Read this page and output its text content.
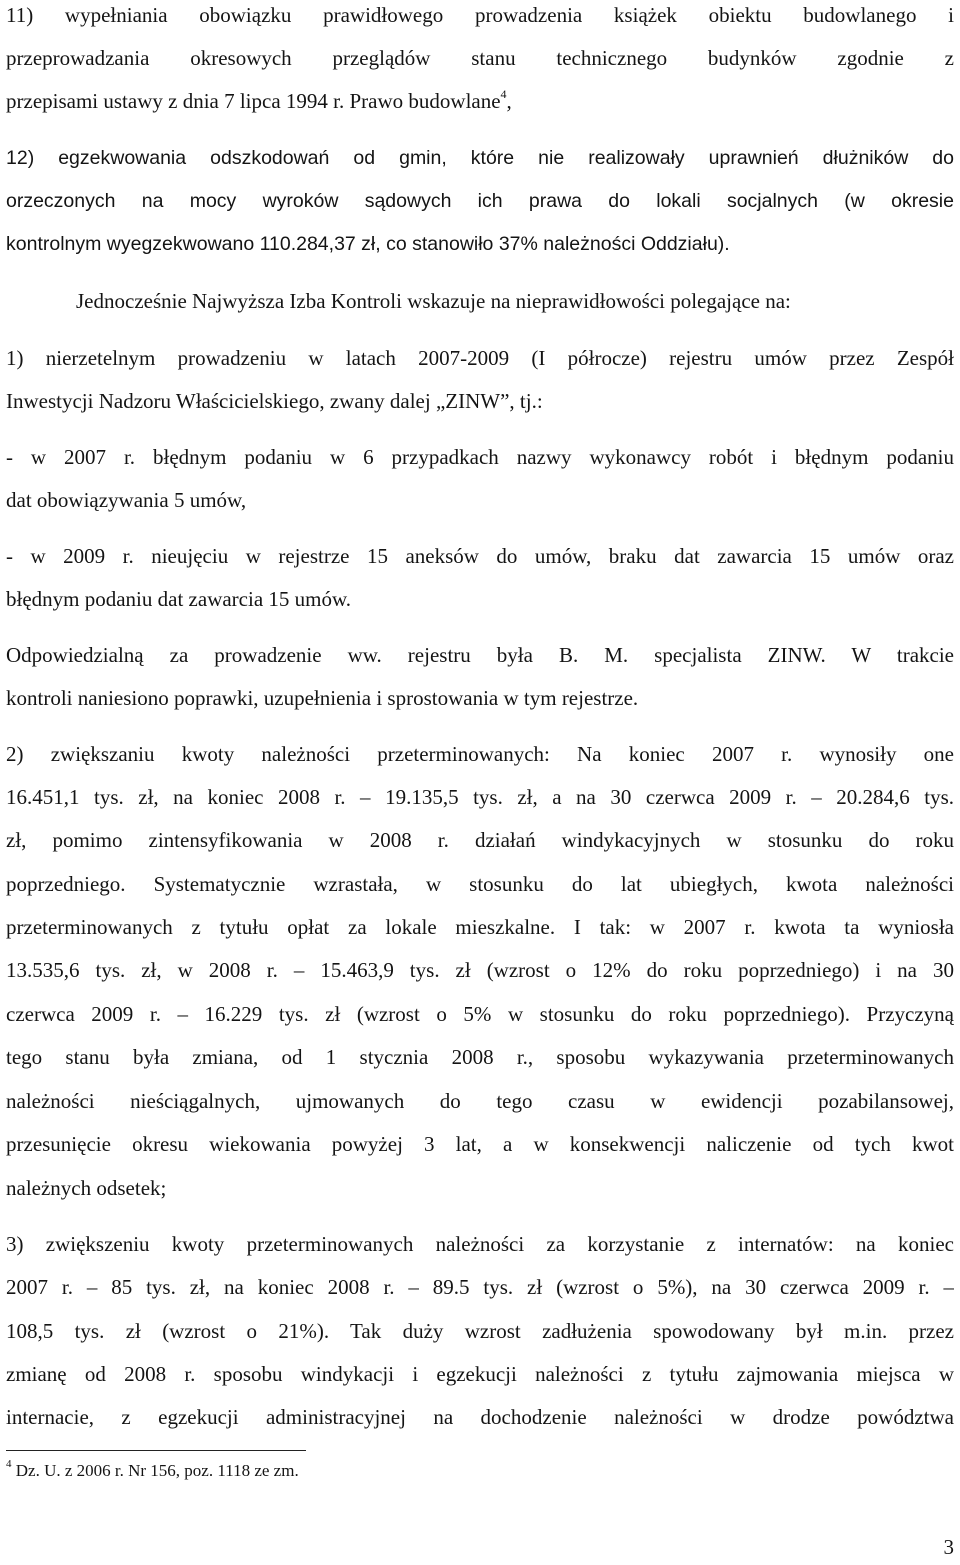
11) wypełniania obowiązku prawidłowego prowadzenia książek obiektu budowlanego i
przeprowadzania okresowych przeglądów stanu technicznego budynków zgodnie z
przepisami ustawy z dnia 7 lipca 1994 r. Prawo budowlane$^4$,
12) egzekwowania odszkodowań od gmin, które nie realizowały uprawnień dłużników do
orzeczonych na mocy wyroków sądowych ich prawa do lokali socjalnych (w okresie
kontrolnym wyegzekwowano 110.284,37 zł, co stanowiło 37% należności Oddziału).
Jednocześnie Najwyższa Izba Kontroli wskazuje na nieprawidłowości polegające na:
1) nierzetelnym prowadzeniu w latach 2007-2009 (I półrocze) rejestru umów przez Zespół
Inwestycji Nadzoru Właścicielskiego, zwany dalej „ZINW”, tj.:
- w 2007 r. błędnym podaniu w 6 przypadkach nazwy wykonawcy robót i błędnym podaniu
dat obowiązywania 5 umów,
- w 2009 r. nieujęciu w rejestrze 15 aneksów do umów, braku dat zawarcia 15 umów oraz
błędnym podaniu dat zawarcia 15 umów.
Odpowiedzialną za prowadzenie ww. rejestru była B. M. specjalista ZINW. W trakcie
kontroli naniesiono poprawki, uzupełnienia i sprostowania w tym rejestrze.
2) zwiększaniu kwoty należności przeterminowanych: Na koniec 2007 r. wynosiły one
16.451,1 tys. zł, na koniec 2008 r. – 19.135,5 tys. zł, a na 30 czerwca 2009 r. – 20.284,6 tys.
zł, pomimo zintensyfikowania w 2008 r. działań windykacyjnych w stosunku do roku
poprzedniego. Systematycznie wzrastała, w stosunku do lat ubiegłych, kwota należności
przeterminowanych z tytułu opłat za lokale mieszkalne. I tak: w 2007 r. kwota ta wyniosła
13.535,6 tys. zł, w 2008 r. – 15.463,9 tys. zł (wzrost o 12% do roku poprzedniego) i na 30
czerwca 2009 r. – 16.229 tys. zł (wzrost o 5% w stosunku do roku poprzedniego). Przyczyną
tego stanu była zmiana, od 1 stycznia 2008 r., sposobu wykazywania przeterminowanych
należności nieściągalnych, ujmowanych do tego czasu w ewidencji pozabilansowej,
przesunięcie okresu wiekowania powyżej 3 lat, a w konsekwencji naliczenie od tych kwot
należnych odsetek;
3) zwiększeniu kwoty przeterminowanych należności za korzystanie z internatów: na koniec
2007 r. – 85 tys. zł, na koniec 2008 r. – 89.5 tys. zł (wzrost o 5%), na 30 czerwca 2009 r. –
108,5 tys. zł (wzrost o 21%). Tak duży wzrost zadłużenia spowodowany był m.in. przez
zmianę od 2008 r. sposobu windykacji i egzekucji należności z tytułu zajmowania miejsca w
internacie, z egzekucji administracyjnej na dochodzenie należności w drodze powództwa
$^4$ Dz. U. z 2006 r. Nr 156, poz. 1118 ze zm.
3
